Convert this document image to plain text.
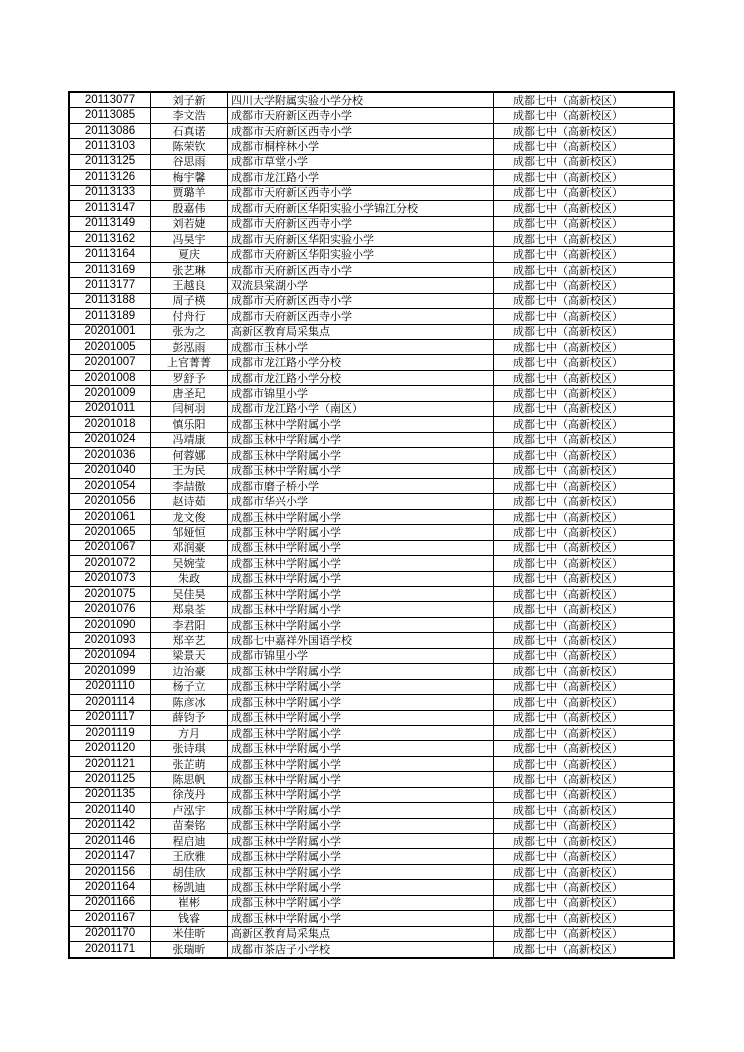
20113077	刘子新	四川大学附属实验小学分校	成都七中（高新校区）
20113085	李文浩	成都市天府新区西寺小学	成都七中（高新校区）
20113086	石真诺	成都市天府新区西寺小学	成都七中（高新校区）
20113103	陈荣钦	成都市桐梓林小学	成都七中（高新校区）
20113125	谷思雨	成都市草堂小学	成都七中（高新校区）
20113126	梅宇馨	成都市龙江路小学	成都七中（高新校区）
20113133	贾璐羊	成都市天府新区西寺小学	成都七中（高新校区）
20113147	殷嘉伟	成都市天府新区华阳实验小学锦江分校	成都七中（高新校区）
20113149	刘若婕	成都市天府新区西寺小学	成都七中（高新校区）
20113162	冯昊宇	成都市天府新区华阳实验小学	成都七中（高新校区）
20113164	夏庆	成都市天府新区华阳实验小学	成都七中（高新校区）
20113169	张艺琳	成都市天府新区西寺小学	成都七中（高新校区）
20113177	王越良	双流县棠湖小学	成都七中（高新校区）
20113188	周子楧	成都市天府新区西寺小学	成都七中（高新校区）
20113189	付舟行	成都市天府新区西寺小学	成都七中（高新校区）
20201001	张为之	高新区教育局采集点	成都七中（高新校区）
20201005	彭泓雨	成都市玉林小学	成都七中（高新校区）
20201007	上官菁菁	成都市龙江路小学分校	成都七中（高新校区）
20201008	罗舒予	成都市龙江路小学分校	成都七中（高新校区）
20201009	唐圣玘	成都市锦里小学	成都七中（高新校区）
20201011	闫柯羽	成都市龙江路小学（南区）	成都七中（高新校区）
20201018	慎乐阳	成都玉林中学附属小学	成都七中（高新校区）
20201024	冯靖康	成都玉林中学附属小学	成都七中（高新校区）
20201036	何蓉娜	成都玉林中学附属小学	成都七中（高新校区）
20201040	王为民	成都玉林中学附属小学	成都七中（高新校区）
20201054	李喆傲	成都市磨子桥小学	成都七中（高新校区）
20201056	赵诗茹	成都市华兴小学	成都七中（高新校区）
20201061	龙文俊	成都玉林中学附属小学	成都七中（高新校区）
20201065	邹娅恒	成都玉林中学附属小学	成都七中（高新校区）
20201067	邓润豪	成都玉林中学附属小学	成都七中（高新校区）
20201072	吴婉莹	成都玉林中学附属小学	成都七中（高新校区）
20201073	朱政	成都玉林中学附属小学	成都七中（高新校区）
20201075	吴佳昊	成都玉林中学附属小学	成都七中（高新校区）
20201076	郑泉荃	成都玉林中学附属小学	成都七中（高新校区）
20201090	李君阳	成都玉林中学附属小学	成都七中（高新校区）
20201093	郑辛艺	成都七中嘉祥外国语学校	成都七中（高新校区）
20201094	梁景天	成都市锦里小学	成都七中（高新校区）
20201099	边治豪	成都玉林中学附属小学	成都七中（高新校区）
20201110	杨子立	成都玉林中学附属小学	成都七中（高新校区）
20201114	陈彦冰	成都玉林中学附属小学	成都七中（高新校区）
20201117	薛钧予	成都玉林中学附属小学	成都七中（高新校区）
20201119	方月	成都玉林中学附属小学	成都七中（高新校区）
20201120	张诗琪	成都玉林中学附属小学	成都七中（高新校区）
20201121	张芷萌	成都玉林中学附属小学	成都七中（高新校区）
20201125	陈思帆	成都玉林中学附属小学	成都七中（高新校区）
20201135	徐茂丹	成都玉林中学附属小学	成都七中（高新校区）
20201140	卢泓宇	成都玉林中学附属小学	成都七中（高新校区）
20201142	苗秦铭	成都玉林中学附属小学	成都七中（高新校区）
20201146	程启迪	成都玉林中学附属小学	成都七中（高新校区）
20201147	王欣雅	成都玉林中学附属小学	成都七中（高新校区）
20201156	胡佳欣	成都玉林中学附属小学	成都七中（高新校区）
20201164	杨凯迪	成都玉林中学附属小学	成都七中（高新校区）
20201166	崔彬	成都玉林中学附属小学	成都七中（高新校区）
20201167	钱睿	成都玉林中学附属小学	成都七中（高新校区）
20201170	米佳昕	高新区教育局采集点	成都七中（高新校区）
20201171	张瑞昕	成都市茶店子小学校	成都七中（高新校区）
